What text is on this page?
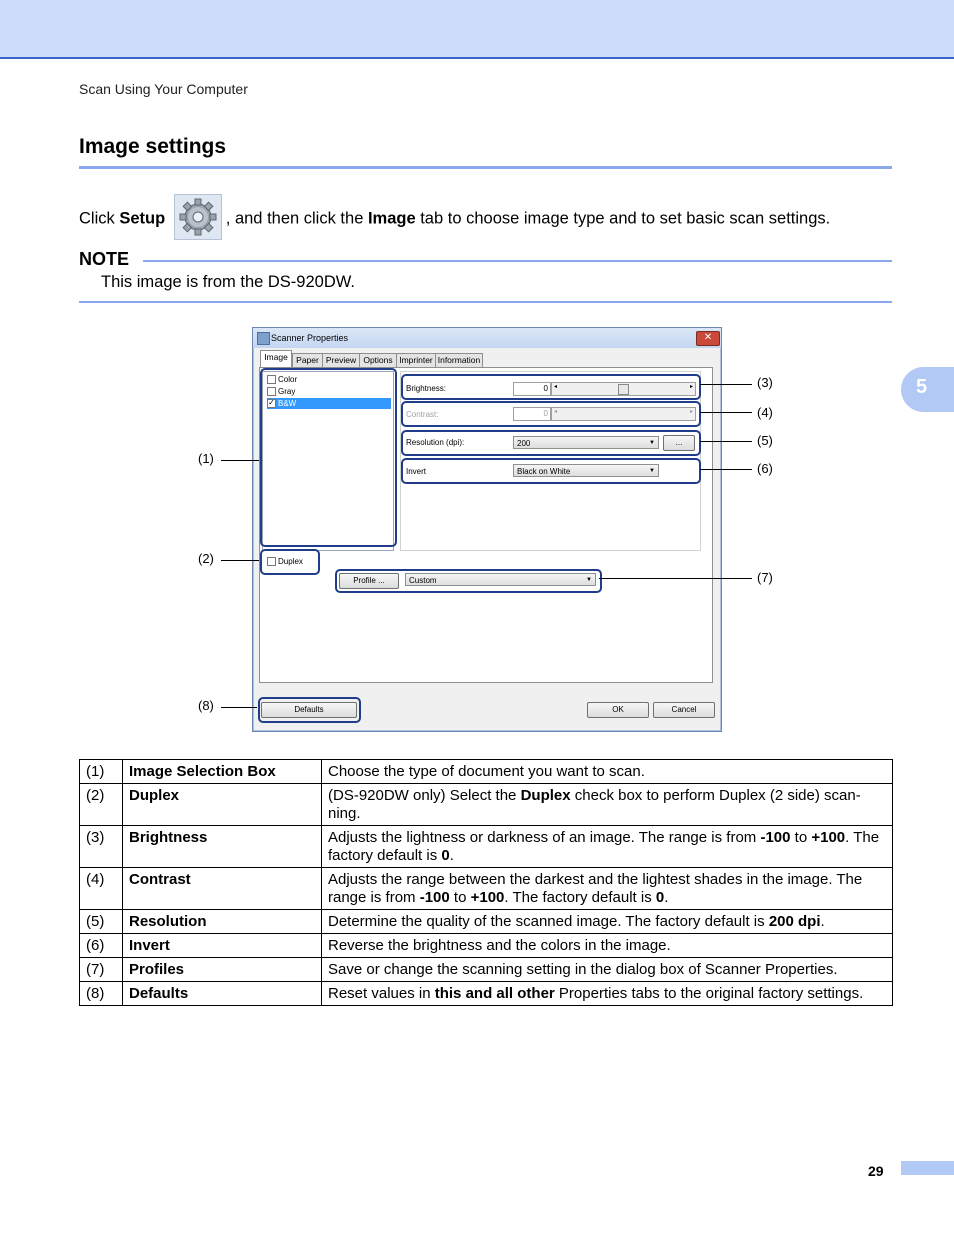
Scan Using Your Computer
Image settings
Click Setup	, and then click the Image tab to choose image type and to set basic scan settings.
NOTE
This image is from the DS-920DW.
5
Scanner Properties	✕
Image Paper Preview Options Imprinter Information
Color
Gray
✓ B&W
Brightness:	0	◂	▸
Contrast:	0	◂	▸
Resolution (dpi):	200	▼	...
Invert	Black on White	▼
Duplex
Profile ...	Custom	▼
Defaults	OK	Cancel
(1)
(2)
(3)
(4)
(5)
(6)
(7)
(8)
(1)	Image Selection Box	Choose the type of document you want to scan.
(2)	Duplex	(DS-920DW only) Select the Duplex check box to perform Duplex (2 side) scan-ning.
(3)	Brightness	Adjusts the lightness or darkness of an image. The range is from -100 to +100. The factory default is 0.
(4)	Contrast	Adjusts the range between the darkest and the lightest shades in the image. The range is from -100 to +100. The factory default is 0.
(5)	Resolution	Determine the quality of the scanned image. The factory default is 200 dpi.
(6)	Invert	Reverse the brightness and the colors in the image.
(7)	Profiles	Save or change the scanning setting in the dialog box of Scanner Properties.
(8)	Defaults	Reset values in this and all other Properties tabs to the original factory settings.
29
